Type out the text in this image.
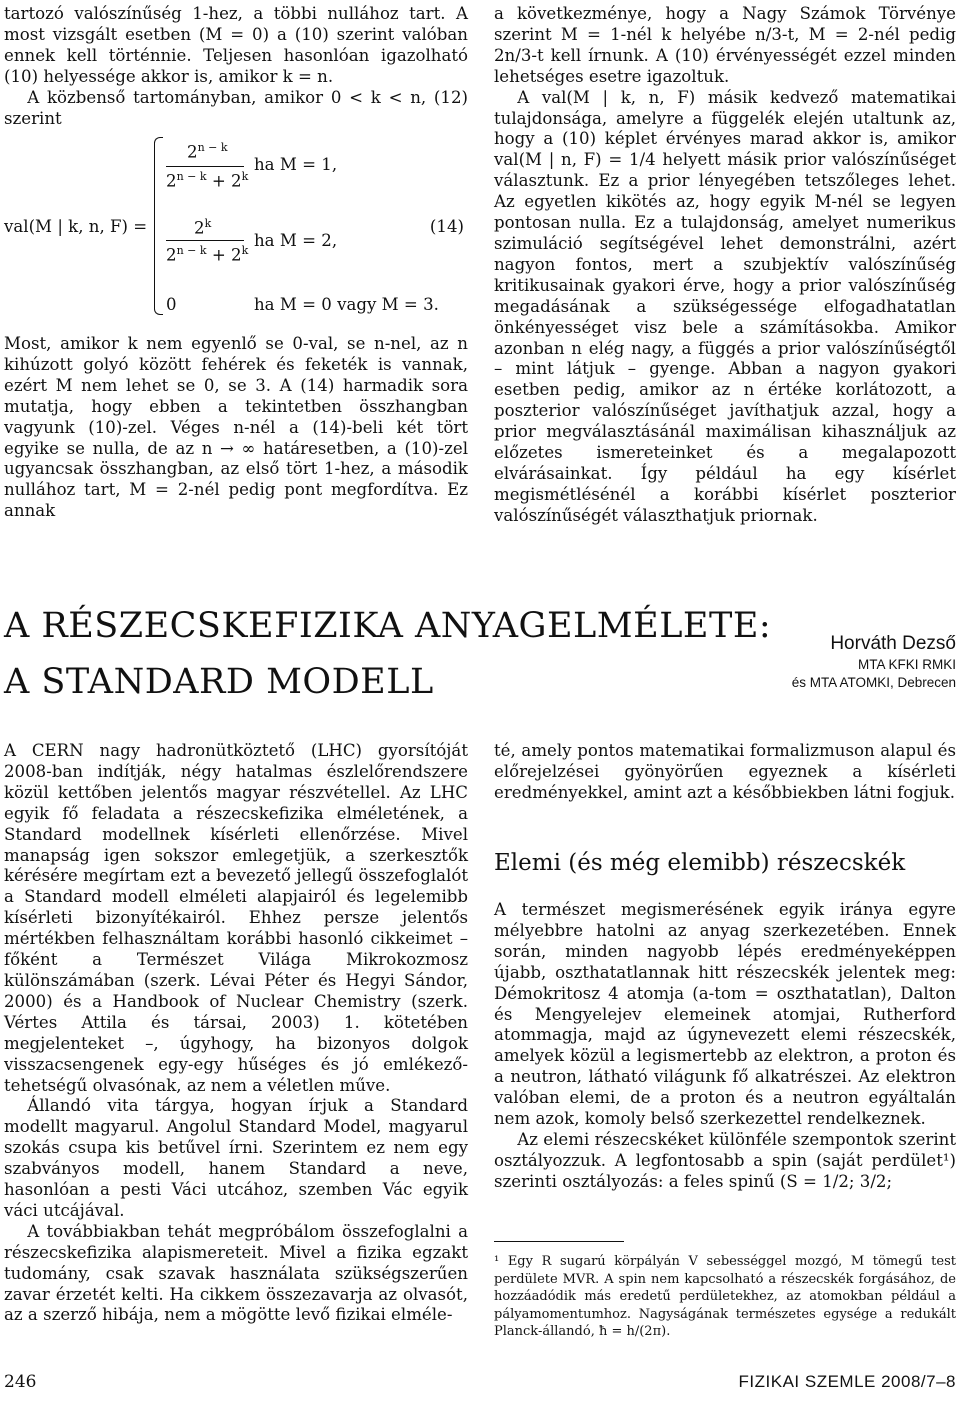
tartozó valószínűség 1-hez, a többi nullához tart. A most vizsgált esetben (M = 0) a (10) szerint valóban ennek kell történnie. Teljesen hasonlóan igazolható (10) helyessége akkor is, amikor k = n.

A közbenső tartományban, amikor 0 < k < n, (12) szerint

val(M | k, n, F) =
$2^{n - k}$
$2^{n - k} + 2^k$
ha M = 1,
2$^k$
$2^{n - k} + 2^k$
ha M = 2,
0	ha M = 0 vagy M = 3.
(14)

Most, amikor k nem egyenlő se 0-val, se n-nel, az n kihúzott golyó között fehérek és feketék is vannak, ezért M nem lehet se 0, se 3. A (14) harmadik sora mutatja, hogy ebben a tekintetben összhangban vagyunk (10)-zel. Véges n-nél a (14)-beli két tört egyike se nulla, de az n → ∞ határesetben, a (10)-zel ugyancsak összhangban, az első tört 1-hez, a második nullához tart, M = 2-nél pedig pont megfordítva. Ez annak

a következménye, hogy a Nagy Számok Törvénye szerint M = 1-nél k helyébe n/3-t, M = 2-nél pedig 2n/3-t kell írnunk. A (10) érvényességét ezzel minden lehetséges esetre igazoltuk.

A val(M | k, n, F) másik kedvező matematikai tulajdonsága, amelyre a függelék elején utaltunk az, hogy a (10) képlet érvényes marad akkor is, amikor val(M | n, F) = 1/4 helyett másik prior valószínűséget választunk. Ez a prior lényegében tetszőleges lehet. Az egyetlen kikötés az, hogy egyik M-nél se legyen pontosan nulla. Ez a tulajdonság, amelyet numerikus szimuláció segítségével lehet demonstrálni, azért nagyon fontos, mert a szubjektív valószínűség kritikusainak gyakori érve, hogy a prior valószínűség megadásának a szükségessége elfogadhatatlan önkényességet visz bele a számításokba. Amikor azonban n elég nagy, a függés a prior valószínűségtől – mint látjuk – gyenge. Abban a nagyon gyakori esetben pedig, amikor az n értéke korlátozott, a poszterior valószínűséget javíthatjuk azzal, hogy a prior megválasztásánál maximálisan kihasználjuk az előzetes ismereteinket és a megalapozott elvárásainkat. Így például ha egy kísérlet megismétlésénél a korábbi kísérlet poszterior valószínűségét választhatjuk priornak.

A RÉSZECSKEFIZIKA ANYAGELMÉLETE:
A STANDARD MODELL
Horváth Dezső
MTA KFKI RMKI
és MTA ATOMKI, Debrecen

A CERN nagy hadronütköztető (LHC) gyorsítóját 2008-ban indítják, négy hatalmas észlelőrendszere közül kettőben jelentős magyar részvétellel. Az LHC egyik fő feladata a részecskefizika elméletének, a Standard modellnek kísérleti ellenőrzése. Mivel manapság igen sokszor emlegetjük, a szerkesztők kérésére megírtam ezt a bevezető jellegű összefoglalót a Standard modell elméleti alapjairól és legelemibb kísérleti bizonyítékairól. Ehhez persze jelentős mértékben felhasználtam korábbi hasonló cikkeimet – főként a Természet Világa Mikrokozmosz különszámában (szerk. Lévai Péter és Hegyi Sándor, 2000) és a Handbook of Nuclear Chemistry (szerk. Vértes Attila és társai, 2003) 1. kötetében megjelenteket –, úgyhogy, ha bizonyos dolgok visszacsengenek egy-egy hűséges és jó emlékező-tehetségű olvasónak, az nem a véletlen műve.

Állandó vita tárgya, hogyan írjuk a Standard modellt magyarul. Angolul Standard Model, magyarul szokás csupa kis betűvel írni. Szerintem ez nem egy szabványos modell, hanem Standard a neve, hasonlóan a pesti Váci utcához, szemben Vác egyik váci utcájával.

A továbbiakban tehát megpróbálom összefoglalni a részecskefizika alapismereteit. Mivel a fizika egzakt tudomány, csak szavak használata szükségszerűen zavar érzetét kelti. Ha cikkem összezavarja az olvasót, az a szerző hibája, nem a mögötte levő fizikai elméle-

té, amely pontos matematikai formalizmuson alapul és előrejelzései gyönyörűen egyeznek a kísérleti eredményekkel, amint azt a későbbiekben látni fogjuk.

Elemi (és még elemibb) részecskék

A természet megismerésének egyik iránya egyre mélyebbre hatolni az anyag szerkezetében. Ennek során, minden nagyobb lépés eredményeképpen újabb, oszthatatlannak hitt részecskék jelentek meg: Démokritosz 4 atomja (a-tom = oszthatatlan), Dalton és Mengyelejev elemeinek atomjai, Rutherford atommagja, majd az úgynevezett elemi részecskék, amelyek közül a legismertebb az elektron, a proton és a neutron, látható világunk fő alkatrészei. Az elektron valóban elemi, de a proton és a neutron egyáltalán nem azok, komoly belső szerkezettel rendelkeznek.

Az elemi részecskéket különféle szempontok szerint osztályozzuk. A legfontosabb a spin (saját perdület¹) szerinti osztályozás: a feles spinű (S = 1/2; 3/2;

¹ Egy R sugarú körpályán V sebességgel mozgó, M tömegű test perdülete MVR. A spin nem kapcsolható a részecskék forgásához, de hozzáadódik más eredetű perdületekhez, az atomokban például a pályamomentumhoz. Nagyságának természetes egysége a redukált Planck-állandó, ħ = h/(2π).
246	FIZIKAI SZEMLE 2008/7–8
